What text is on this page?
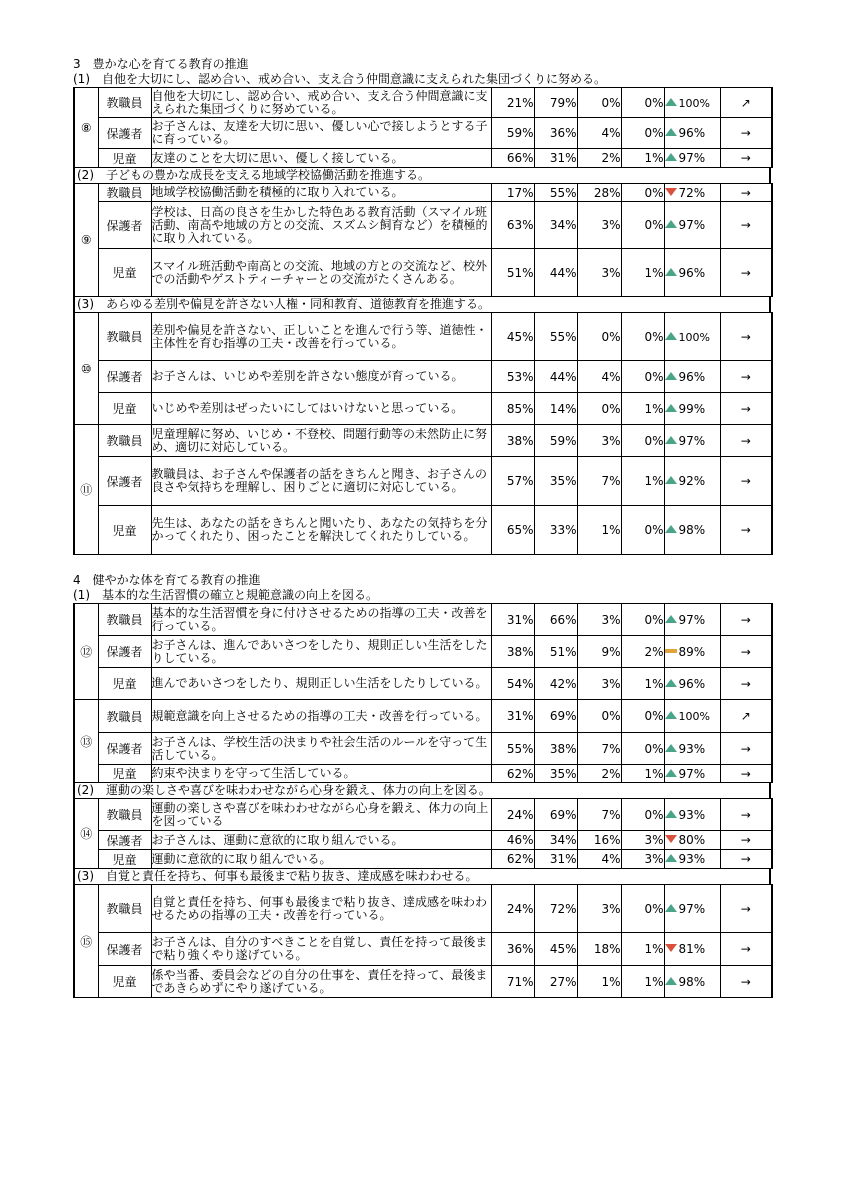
3　豊かな心を育てる教育の推進
(1)　自他を大切にし、認め合い、戒め合い、支え合う仲間意識に支えられた集団づくりに努める。
⑧	教職員	自他を大切にし、認め合い、戒め合い、支え合う仲間意識に支えられた集団づくりに努めている。	21%	79%	0%	0%	100%	↗
	保護者	お子さんは、友達を大切に思い、優しい心で接しようとする子に育っている。	59%	36%	4%	0%	96%	→
	児童	友達のことを大切に思い、優しく接している。	66%	31%	2%	1%	97%	→
(2)　子どもの豊かな成長を支える地域学校協働活動を推進する。
⑨	教職員	地域学校協働活動を積極的に取り入れている。	17%	55%	28%	0%	72%	→
	保護者	学校は、日高の良さを生かした特色ある教育活動（スマイル班活動、南高や地域の方との交流、スズムシ飼育など）を積極的に取り入れている。	63%	34%	3%	0%	97%	→
	児童	スマイル班活動や南高との交流、地域の方との交流など、校外での活動やゲストティーチャーとの交流がたくさんある。	51%	44%	3%	1%	96%	→
(3)　あらゆる差別や偏見を許さない人権・同和教育、道徳教育を推進する。
⑩	教職員	差別や偏見を許さない、正しいことを進んで行う等、道徳性・主体性を育む指導の工夫・改善を行っている。	45%	55%	0%	0%	100%	→
	保護者	お子さんは、いじめや差別を許さない態度が育っている。	53%	44%	4%	0%	96%	→
	児童	いじめや差別はぜったいにしてはいけないと思っている。	85%	14%	0%	1%	99%	→
⑪	教職員	児童理解に努め、いじめ・不登校、問題行動等の未然防止に努め、適切に対応している。	38%	59%	3%	0%	97%	→
	保護者	教職員は、お子さんや保護者の話をきちんと聞き、お子さんの良さや気持ちを理解し、困りごとに適切に対応している。	57%	35%	7%	1%	92%	→
	児童	先生は、あなたの話をきちんと聞いたり、あなたの気持ちを分かってくれたり、困ったことを解決してくれたりしている。	65%	33%	1%	0%	98%	→
4　健やかな体を育てる教育の推進
(1)　基本的な生活習慣の確立と規範意識の向上を図る。
⑫	教職員	基本的な生活習慣を身に付けさせるための指導の工夫・改善を行っている。	31%	66%	3%	0%	97%	→
	保護者	お子さんは、進んであいさつをしたり、規則正しい生活をしたりしている。	38%	51%	9%	2%	89%	→
	児童	進んであいさつをしたり、規則正しい生活をしたりしている。	54%	42%	3%	1%	96%	→
⑬	教職員	規範意識を向上させるための指導の工夫・改善を行っている。	31%	69%	0%	0%	100%	↗
	保護者	お子さんは、学校生活の決まりや社会生活のルールを守って生活している。	55%	38%	7%	0%	93%	→
	児童	約束や決まりを守って生活している。	62%	35%	2%	1%	97%	→
(2)　運動の楽しさや喜びを味わわせながら心身を鍛え、体力の向上を図る。
⑭	教職員	運動の楽しさや喜びを味わわせながら心身を鍛え、体力の向上を図っている	24%	69%	7%	0%	93%	→
	保護者	お子さんは、運動に意欲的に取り組んでいる。	46%	34%	16%	3%	80%	→
	児童	運動に意欲的に取り組んでいる。	62%	31%	4%	3%	93%	→
(3)　自覚と責任を持ち、何事も最後まで粘り抜き、達成感を味わわせる。
⑮	教職員	自覚と責任を持ち、何事も最後まで粘り抜き、達成感を味わわせるための指導の工夫・改善を行っている。	24%	72%	3%	0%	97%	→
	保護者	お子さんは、自分のすべきことを自覚し、責任を持って最後まで粘り強くやり遂げている。	36%	45%	18%	1%	81%	→
	児童	係や当番、委員会などの自分の仕事を、責任を持って、最後まであきらめずにやり遂げている。	71%	27%	1%	1%	98%	→
